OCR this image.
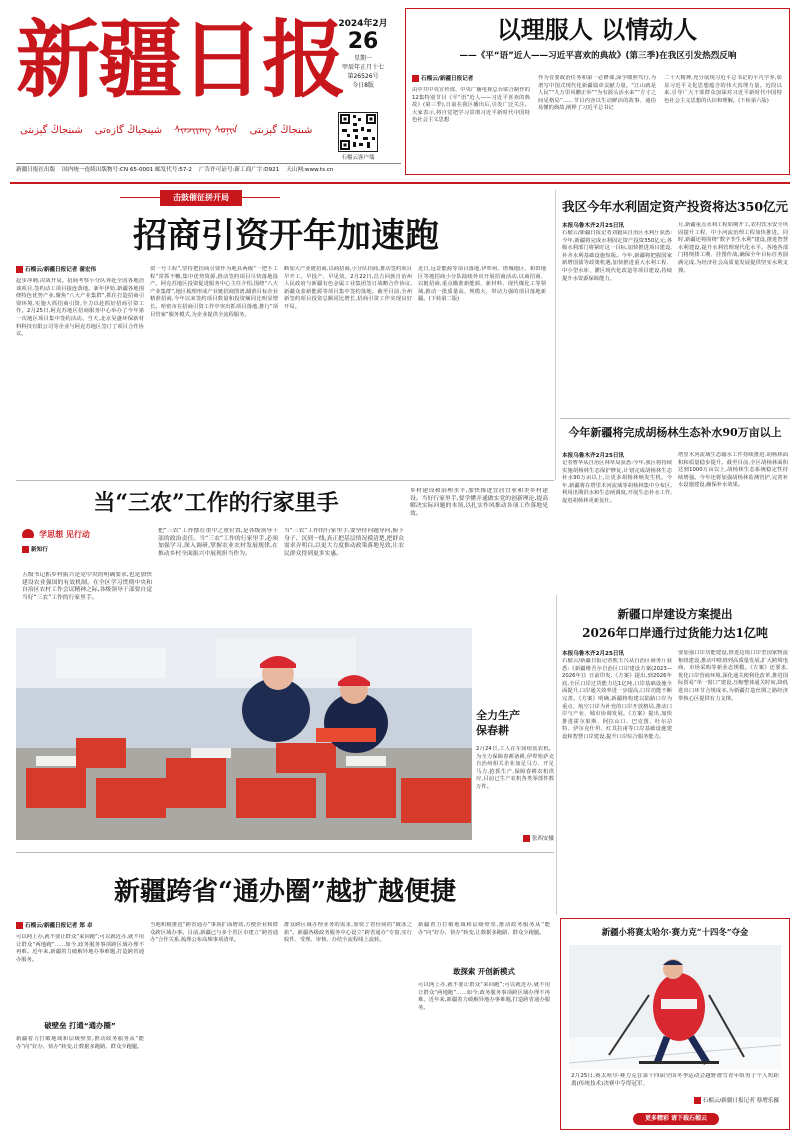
新疆日报
شىنجاڭ گېزىتى شينجياڭ گازەتى ᠰᠢᠨᠵᠢᠶᠠᠩ ᠰᠣᠨᠢᠨ شىنجاڭ گېزىتى
2024年2月
26
星期一
甲辰年正月十七
第26526号
今日8版
石榴云客户端
新疆日报社出版 国内统一连续出版物号:CN 65-0001 邮发代号:57-2 广告许可证号:新工商广字:D921 天山网:www.ts.cn
以理服人 以情动人
——《平“语”近人——习近平喜欢的典故》(第三季)在我区引发热烈反响
石榴云/新疆日报记者
由中共中央宣传部、中央广播电视总台联合制作的12集特别节目《平“语”近人——习近平喜欢的典故》(第三季),日前在我区播出后,引发广泛关注。大家表示,将自觉把学习贯彻习近平新时代中国特色社会主义思想
作为首要政治任务和第一必修课,深学细照笃行,为谱写中国式现代化新疆篇章贡献力量。“江山就是人民”“九万里风鹏正举”“为有源头活水来”“方寸之间见格局”……节目内容以生动鲜活的故事、通俗易懂的典故,阐释了习近平总书记
二十大精神,充分展现习近平总书记的平凡学养,彰显习近平文化思想蕴含的伟大真理力量。近段以来,引导广大干部群众加深对习近平新时代中国特色社会主义思想的认识和理解。(下转第六版)
击鼓催征拼开局
招商引资开年加速跑
石榴云/新疆日报记者 蒲宏伟
起步冲刺,决战开局。招商考察小分队奔赴全国各地洽谈项目,签约动工项目接连落地。新年伊始,新疆各地围绕特色优势产业,聚焦“八大产业集群”,抓住打造招商引资环境,实施大抓招商引资,全力以赴抓好招商引资工作。2月25日,阿克苏地区招商服务中心举办了今年第一次地区项目集中签约活动。当天,北京昊盛环保新材料科技有限公司等企业与阿克苏地区签订了项目合作协议。
资一号工程”,坚持把招商引资作为地县两级“一把手工程”常抓不懈,集中优势资源,推动签约项目尽快落地投产。阿克苏地区投资促进服务中心主任介绍,围绕“八大产业集群”,地区梳理形成产业链招商图谱,瞄准目标企业精准招商,今年以来签约项目数量和投资额同比明显增长。哈密市在招商引资工作中突出抓项目落地,推行“项目管家”服务模式,为企业提供全流程服务。
断加大产业链招商,以商招商,小分队招商,推动签约项目早开工、早投产、早见效。2月22日,昌吉回族自治州人民政府与新疆有色金属工业集团签订战略合作协议,新疆众泰新能源等项目集中签约落地。截至目前,全州新签约项目投资总额同比增长,招商引资工作实现良好开局。
近日,远景能源等项目落地,伊犁州、塔城地区、和田地区等地招商小分队陆续外出开展招商活动,以商招商、以链招商,重点瞄准新能源、新材料、现代煤化工等领域,推动一批质量高、规模大、带动力强的项目落地新疆。(下转第二版)
我区今年水利固定资产投资将达350亿元
本报乌鲁木齐2月25日讯
石榴云/新疆日报记者刘毅从自治区水利厅获悉:今年,新疆将完成水利固定资产投资350亿元,各级水利部门将紧盯这一目标,加快推进项目建设,补齐水利基础设施短板。今年,新疆将把握国家新增国债等政策机遇,加快推进重大水利工程、中小型水库、灌区现代化改造等项目建设,持续提升水资源保障能力。
月,新疆重点水利工程如期开工,农村饮水安全巩固提升工程、中小河流治理工程加快推进。同时,新疆还将围绕“数字孪生水利”建设,推进智慧水利建设,提升水利管理现代化水平。各地各部门将倒排工期、挂图作战,确保全年目标任务圆满完成,为经济社会高质量发展提供坚实水利支撑。
今年新疆将完成胡杨林生态补水90万亩以上
本报乌鲁木齐2月25日讯
记者曹华从自治区林草局获悉:今年,我区将持续实施胡杨林生态保护修复,计划完成胡杨林生态补水90万亩以上,让更多胡杨林焕发生机。今年,新疆将在塔里木河流域等胡杨林集中分布区,利用汛期洪水和生态闸调度,开展生态补水工作,促进胡杨林更新复壮。
塔里木河流域生态输水工作持续推进,胡杨林面积和质量稳步提升。截至目前,全区胡杨林面积达到1000万亩以上,胡杨林生态系统稳定性持续增强。今年还将加强胡杨林监测管护,完善补水设施建设,确保补水效果。
当“三农”工作的行家里手
学思想 见行动
新知行
五级书记抓乡村振兴是党中央的明确要求,也是加快建设农业强国的有效机制。在全区学习贯彻中央和自治区农村工作会议精神之际,各级领导干部要自觉当好“三农”工作的行家里手。
把“三农”工作摆在重中之重位置,是各级领导干部的政治责任。当“三农”工作的行家里手,必须加强学习,深入调研,掌握农业农村发展规律,在推动乡村全面振兴中展现担当作为。
当“三农”工作的行家里手,要坚持问题导向,俯下身子、沉到一线,真正把基层情况摸清楚,把群众需求弄明白,以更大力度推动政策落地见效,让农民群众得到更多实惠。
乡村建设和治理水平,加快推进宜居宜业和美乡村建设。当好行家里手,要学懂弄通做实党的创新理论,提高解决实际问题的本领,以扎实作风推动各项工作落地见效。
全力生产
保春耕
2月24日,工人在车间组装农机。为全力保障春耕备耕,伊犁哈萨克自治州相关企业加足马力、开足马力,抢抓生产,保障春耕农机供应,目前已生产农机各类零部件数万件。
张西安摄
新疆口岸建设方案提出
2026年口岸通行过货能力达1亿吨
本报乌鲁木齐2月25日讯
石榴云/新疆日报记者熊玉兴从自治区商务厅获悉:《新疆维吾尔自治区口岸建设方案(2023—2026年)》日前印发,《方案》提出,到2026年底,全区口岸过货能力达1亿吨,口岸基础设施全面提升,口岸通关效率进一步提高,口岸功能不断完善。《方案》明确,新疆将构建以陆路口岸为重点、航空口岸为补充的口岸开放格局,推动口岸与产业、城市协调发展。《方案》提出,加快推进霍尔果斯、阿拉山口、巴克图、吐尔尕特、伊尔克什坦、红其拉甫等口岸基础设施建设和智慧口岸建设,提升口岸综合服务能力。
要加强口岸功能建设,推进边境口岸型国家物流枢纽建设,推动中欧班列高质量发展,扩大跨境电商、市场采购等新业态规模。《方案》还要求,优化口岸营商环境,深化通关便利化改革,推进国际贸易“单一窗口”建设,压缩整体通关时间,降低进出口环节合规成本,为新疆打造丝绸之路经济带核心区提供有力支撑。
新疆跨省“通办圈”越扩越便捷
石榴云/新疆日报记者 郑 卓
可以网上办,就不要让群众“来回跑”;可以就近办,就不用让群众“两地跑”……如今,政务服务事项跨区域办理不再难。近年来,新疆着力破解异地办事难题,打造跨省通办服务。
破壁垒 打通“通办圈”
新疆着力打破地域和层级壁垒,推动政务服务从“能办”向“好办、快办”转变,让数据多跑路、群众少跑腿。
当地积极推进“跨省通办”事项扩面增效,方便企业和群众跨区域办事。目前,新疆已与多个省区市建立“跨省通办”合作关系,梳理公布高频事项清单。
群众跨区域办理业务的需求,加快了省份间的“破冰之旅”。新疆各级政务服务中心设立“跨省通办”专窗,实行收件、受理、审核、办结全流程线上流转。
新疆着力打破地域和层级壁垒,推动政务服务从“能办”向“好办、快办”转变,让数据多跑路、群众少跑腿。
敢探索 开创新模式
可以网上办,就不要让群众“来回跑”;可以就近办,就不用让群众“两地跑”……如今,政务服务事项跨区域办理不再难。近年来,新疆着力破解异地办事难题,打造跨省通办服务。
新疆小将赛太哈尔·赛力克“十四冬”夺金
2月25日,赛太哈尔·赛力克在第十四届全国冬季运动会越野滑雪青年组男子个人短距离(传统技术)决赛中夺得冠军。
石榴云/新疆日报记者 蔡增乐摄
更多精彩 请下载石榴云
